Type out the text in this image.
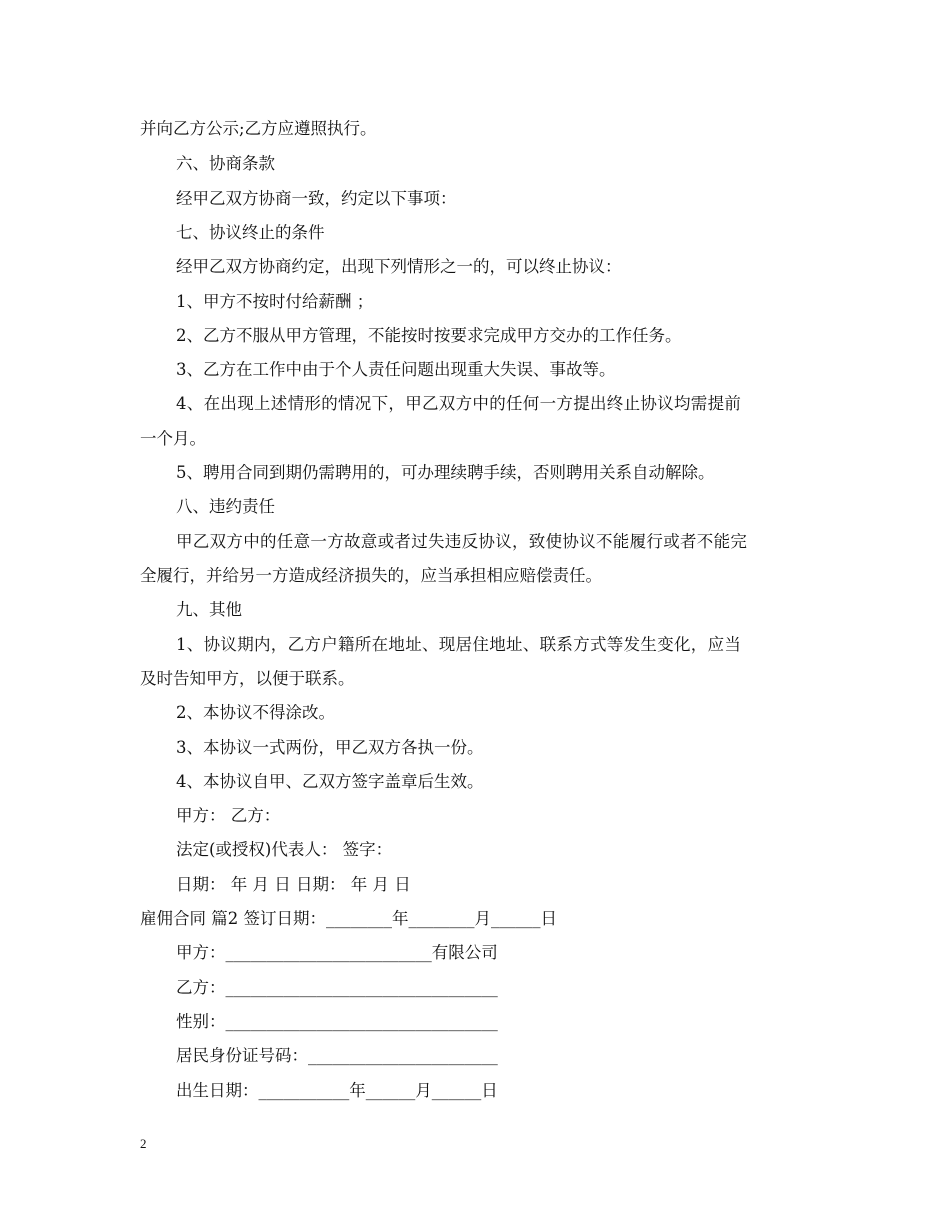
并向乙方公示;乙方应遵照执行。
六、协商条款
经甲乙双方协商一致，约定以下事项：
七、协议终止的条件
经甲乙双方协商约定，出现下列情形之一的，可以终止协议：
1、甲方不按时付给薪酬 ；
2、乙方不服从甲方管理，不能按时按要求完成甲方交办的工作任务。
3、乙方在工作中由于个人责任问题出现重大失误、事故等。
4、在出现上述情形的情况下，甲乙双方中的任何一方提出终止协议均需提前
一个月。
5、聘用合同到期仍需聘用的，可办理续聘手续，否则聘用关系自动解除。
八、违约责任
甲乙双方中的任意一方故意或者过失违反协议，致使协议不能履行或者不能完
全履行，并给另一方造成经济损失的，应当承担相应赔偿责任。
九、其他
1、协议期内，乙方户籍所在地址、现居住地址、联系方式等发生变化，应当
及时告知甲方，以便于联系。
2、本协议不得涂改。
3、本协议一式两份，甲乙双方各执一份。
4、本协议自甲、乙双方签字盖章后生效。
甲方： 乙方：
法定(或授权)代表人： 签字：
日期： 年 月 日 日期： 年 月 日
雇佣合同 篇2 签订日期：________年________月______日
甲方：_________________________有限公司
乙方：_________________________________
性别：_________________________________
居民身份证号码：_______________________
出生日期：___________年______月______日
2
